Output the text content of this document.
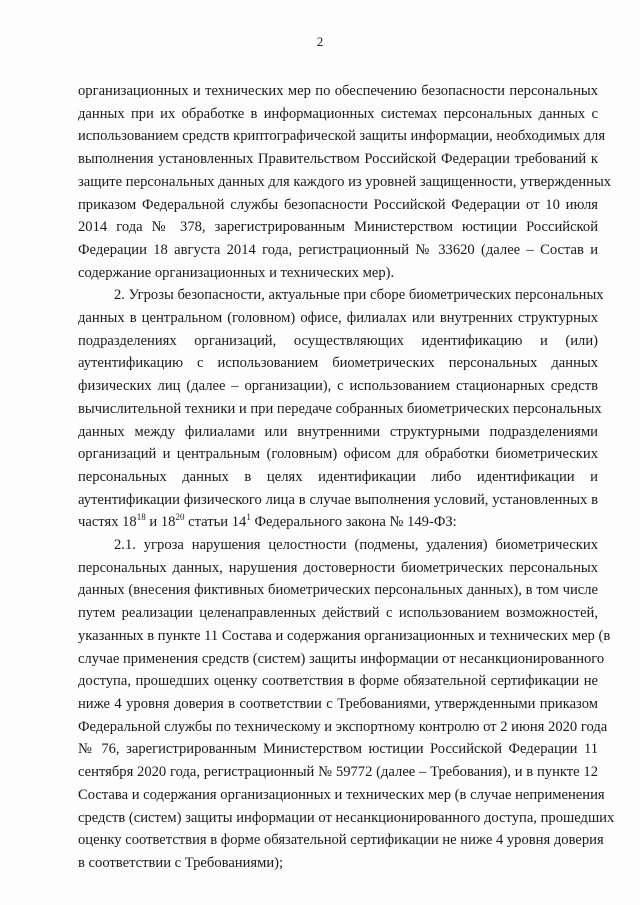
2
организационных и технических мер по обеспечению безопасности персональных
данных при их обработке в информационных системах персональных данных с
использованием средств криптографической защиты информации, необходимых для
выполнения установленных Правительством Российской Федерации требований к
защите персональных данных для каждого из уровней защищенности, утвержденных
приказом Федеральной службы безопасности Российской Федерации от 10 июля
2014 года № 378, зарегистрированным Министерством юстиции Российской
Федерации 18 августа 2014 года, регистрационный № 33620 (далее – Состав и
содержание организационных и технических мер).
2. Угрозы безопасности, актуальные при сборе биометрических персональных
данных в центральном (головном) офисе, филиалах или внутренних структурных
подразделениях организаций, осуществляющих идентификацию и (или)
аутентификацию с использованием биометрических персональных данных
физических лиц (далее – организации), с использованием стационарных средств
вычислительной техники и при передаче собранных биометрических персональных
данных между филиалами или внутренними структурными подразделениями
организаций и центральным (головным) офисом для обработки биометрических
персональных данных в целях идентификации либо идентификации и
аутентификации физического лица в случае выполнения условий, установленных в
частях $18^{18}$ и $18^{20}$ статьи $14^1$ Федерального закона № 149-ФЗ:
2.1. угроза нарушения целостности (подмены, удаления) биометрических
персональных данных, нарушения достоверности биометрических персональных
данных (внесения фиктивных биометрических персональных данных), в том числе
путем реализации целенаправленных действий с использованием возможностей,
указанных в пункте 11 Состава и содержания организационных и технических мер (в
случае применения средств (систем) защиты информации от несанкционированного
доступа, прошедших оценку соответствия в форме обязательной сертификации не
ниже 4 уровня доверия в соответствии с Требованиями, утвержденными приказом
Федеральной службы по техническому и экспортному контролю от 2 июня 2020 года
№ 76, зарегистрированным Министерством юстиции Российской Федерации 11
сентября 2020 года, регистрационный № 59772 (далее – Требования), и в пункте 12
Состава и содержания организационных и технических мер (в случае неприменения
средств (систем) защиты информации от несанкционированного доступа, прошедших
оценку соответствия в форме обязательной сертификации не ниже 4 уровня доверия
в соответствии с Требованиями);
